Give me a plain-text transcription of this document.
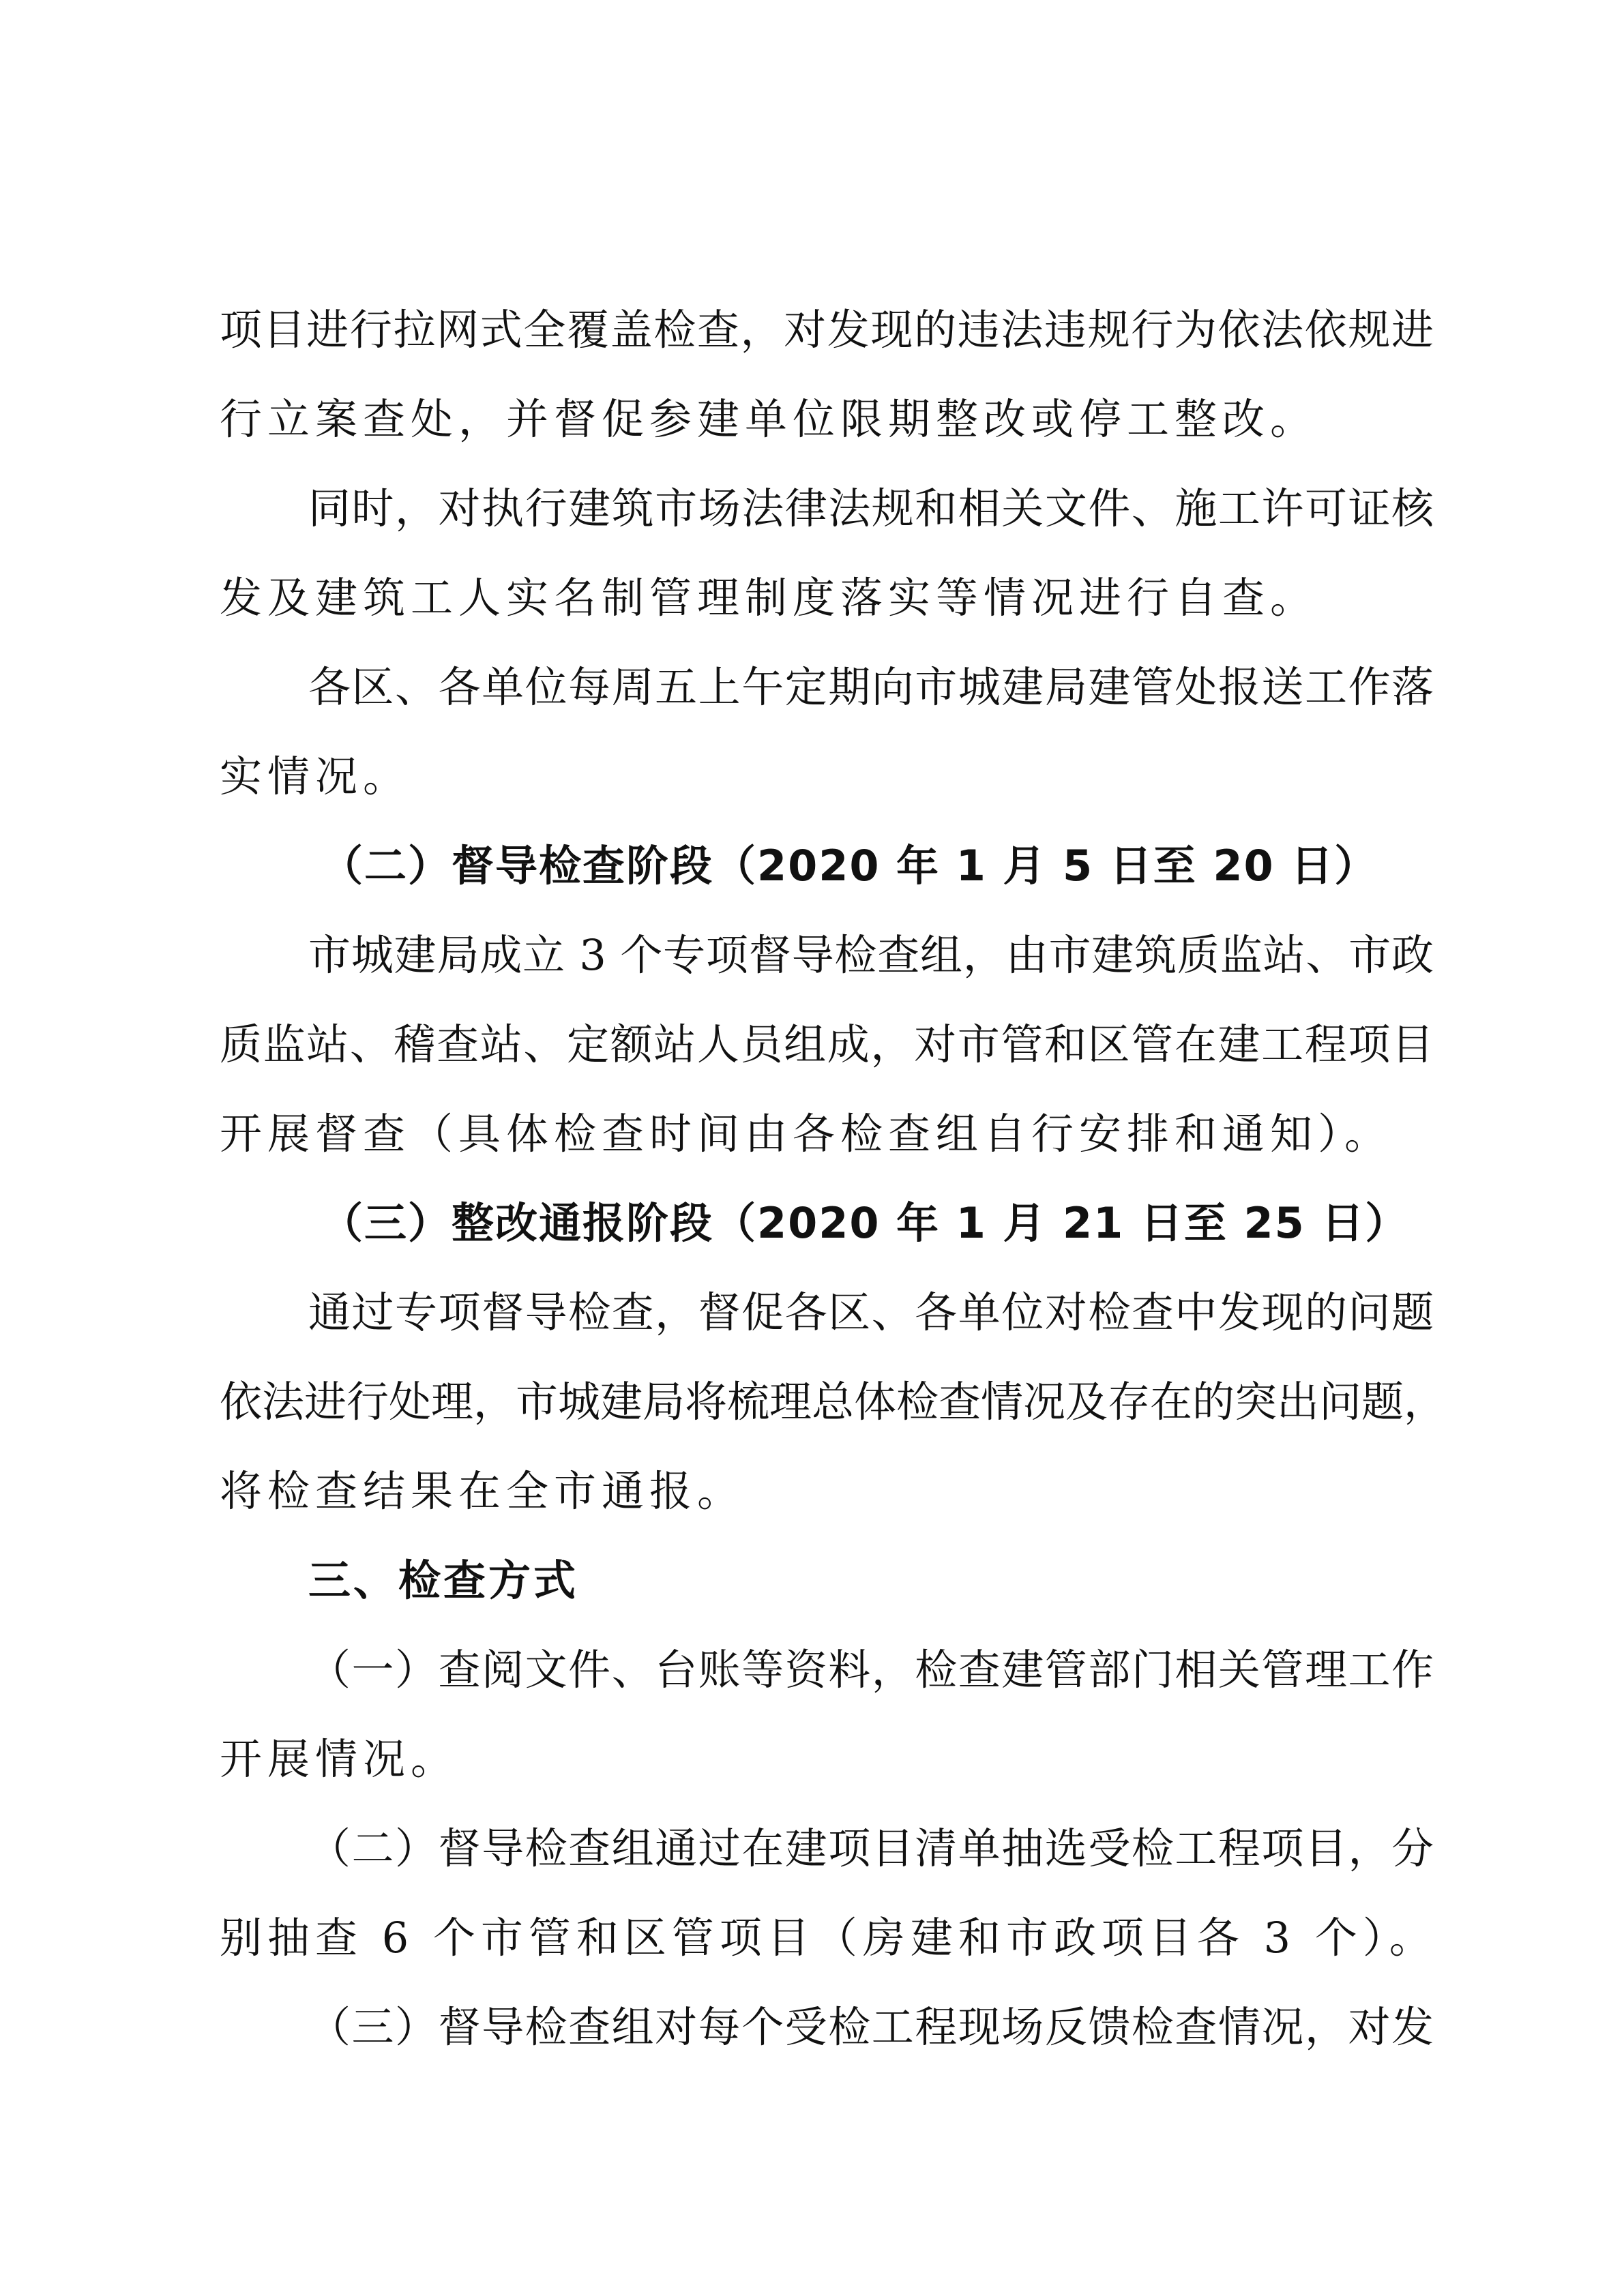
项目进行拉网式全覆盖检查，对发现的违法违规行为依法依规进
行立案查处，并督促参建单位限期整改或停工整改。
同时，对执行建筑市场法律法规和相关文件、施工许可证核
发及建筑工人实名制管理制度落实等情况进行自查。
各区、各单位每周五上午定期向市城建局建管处报送工作落
实情况。
（二）督导检查阶段（2020 年 1 月 5 日至 20 日）
市城建局成立 3 个专项督导检查组，由市建筑质监站、市政
质监站、稽查站、定额站人员组成，对市管和区管在建工程项目
开展督查（具体检查时间由各检查组自行安排和通知）。
（三）整改通报阶段（2020 年 1 月 21 日至 25 日）
通过专项督导检查，督促各区、各单位对检查中发现的问题
依法进行处理，市城建局将梳理总体检查情况及存在的突出问题，
将检查结果在全市通报。
三、检查方式
（一）查阅文件、台账等资料，检查建管部门相关管理工作
开展情况。
（二）督导检查组通过在建项目清单抽选受检工程项目，分
别抽查 6 个市管和区管项目（房建和市政项目各 3 个）。
（三）督导检查组对每个受检工程现场反馈检查情况，对发
